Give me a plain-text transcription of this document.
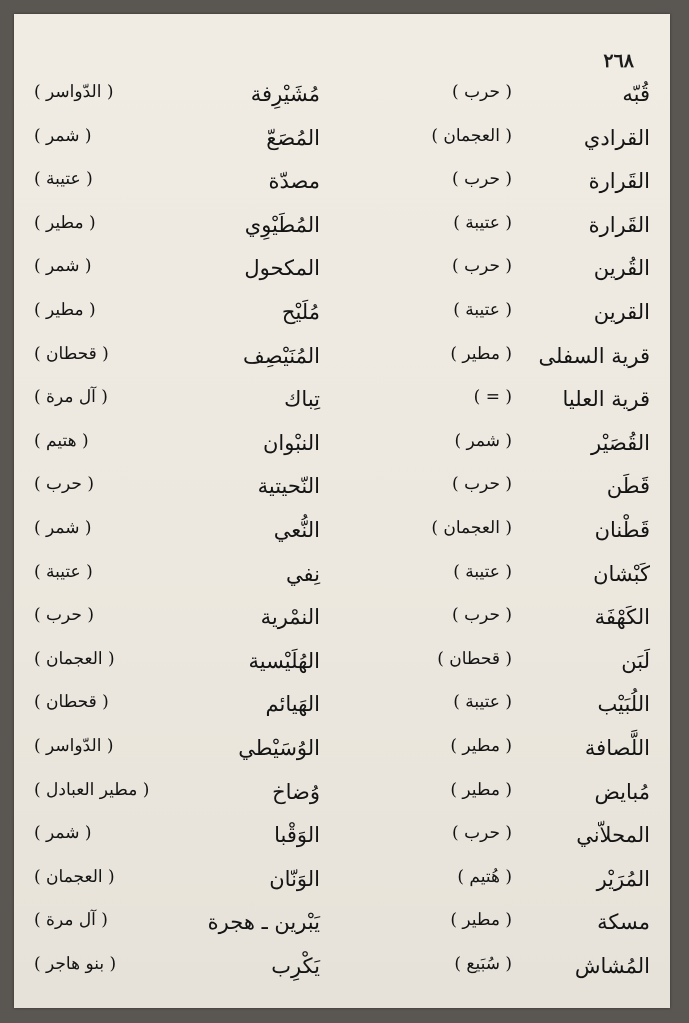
٢٦٨
قُبّه
( حرب )
القرادي
( العجمان )
القَرارة
( حرب )
القَرارة
( عتيبة )
القُرين
( حرب )
القرين
( عتيبة )
قرية السفلى
( مطير )
قرية العليا
( = )
القُصَيْر
( شمر )
قَطَن
( حرب )
قَطْنان
( العجمان )
كَبْشان
( عتيبة )
الكَهْفَة
( حرب )
لَبَن
( قحطان )
اللُبَيْب
( عتيبة )
اللَّصافة
( مطير )
مُبايض
( مطير )
المحلاّني
( حرب )
المُرَيْر
( هُتيم )
مسكة
( مطير )
المُشاش
( سُبَيع )
مُشَيْرِفة
( الدّواسر )
المُصَعّ
( شمر )
مصدّة
( عتيبة )
المُطَيْوِي
( مطير )
المكحول
( شمر )
مُلَيْح
( مطير )
المُنَيْصِف
( قحطان )
تِباك
( آل مرة )
النبْوان
( هتيم )
النّحيتية
( حرب )
النُّعي
( شمر )
نِفي
( عتيبة )
النمْرية
( حرب )
الهُلَيْسية
( العجمان )
الهَيائم
( قحطان )
الوُسَيْطي
( الدّواسر )
وُضاخ
( مطير العبادل )
الوَقْبا
( شمر )
الوَنّان
( العجمان )
يَبْرين ـ هجرة
( آل مرة )
يَكْرِب
( بنو هاجر )
